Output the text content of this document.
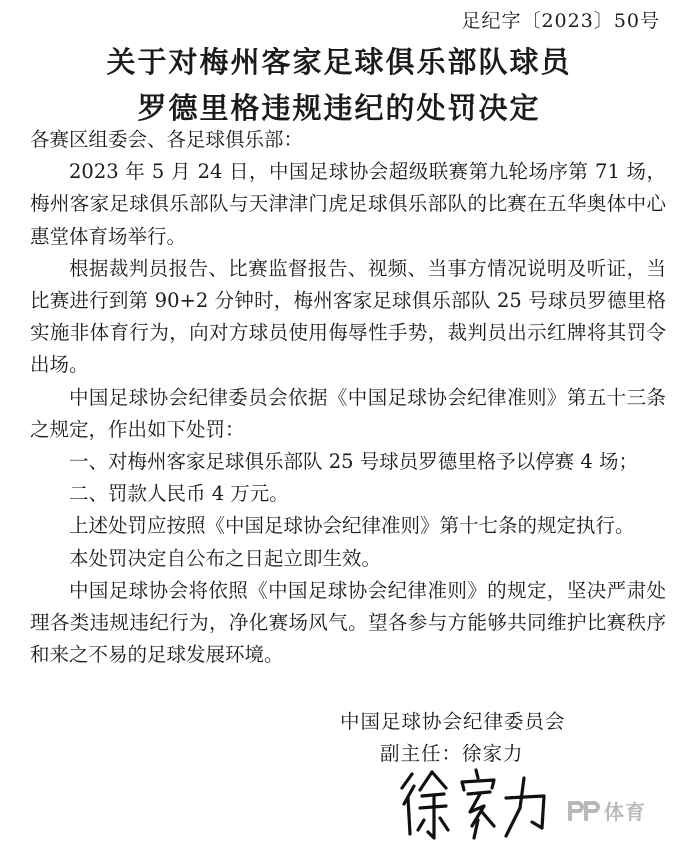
足纪字〔2023〕50号
关于对梅州客家足球俱乐部队球员
罗德里格违规违纪的处罚决定

各赛区组委会、各足球俱乐部：

2023 年 5 月 24 日，中国足球协会超级联赛第九轮场序第 71 场，梅州客家足球俱乐部队与天津津门虎足球俱乐部队的比赛在五华奥体中心惠堂体育场举行。

根据裁判员报告、比赛监督报告、视频、当事方情况说明及听证，当比赛进行到第 90+2 分钟时，梅州客家足球俱乐部队 25 号球员罗德里格实施非体育行为，向对方球员使用侮辱性手势，裁判员出示红牌将其罚令出场。

中国足球协会纪律委员会依据《中国足球协会纪律准则》第五十三条之规定，作出如下处罚：

一、对梅州客家足球俱乐部队 25 号球员罗德里格予以停赛 4 场；

二、罚款人民币 4 万元。

上述处罚应按照《中国足球协会纪律准则》第十七条的规定执行。

本处罚决定自公布之日起立即生效。

中国足球协会将依照《中国足球协会纪律准则》的规定，坚决严肃处理各类违规违纪行为，净化赛场风气。望各参与方能够共同维护比赛秩序和来之不易的足球发展环境。

中国足球协会纪律委员会
副主任：徐家力
体育
